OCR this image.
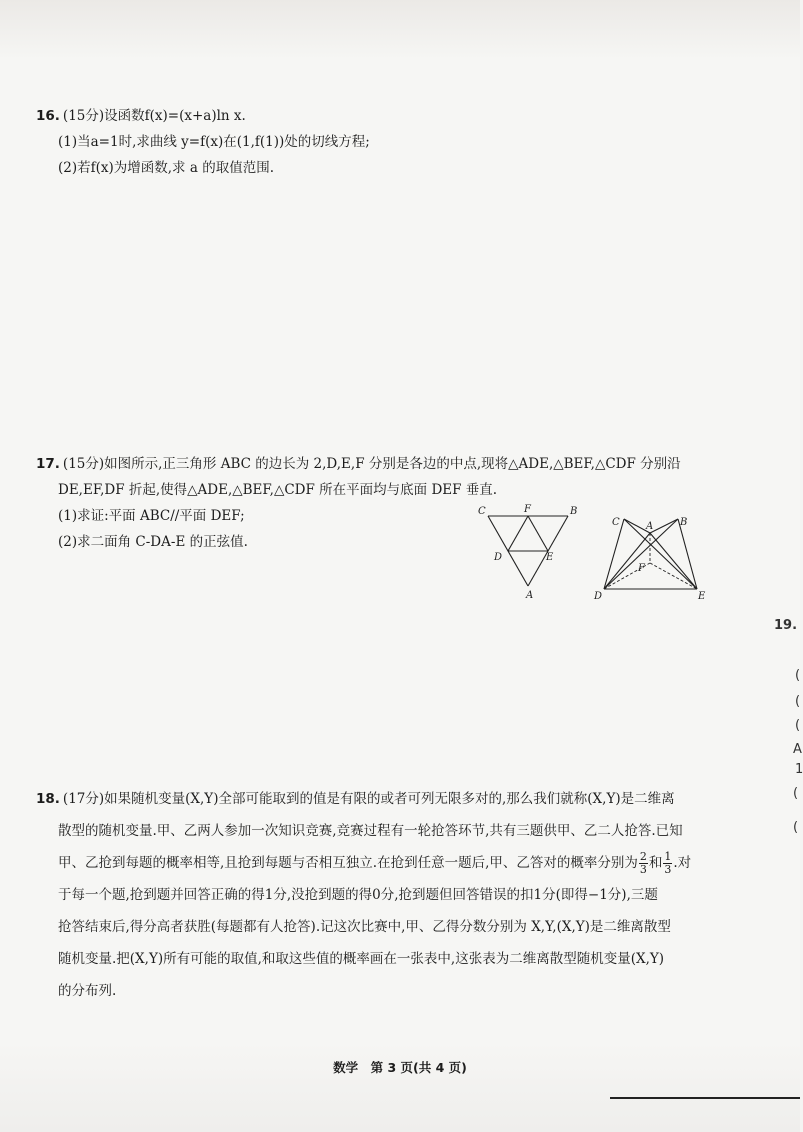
16. (15分)设函数f(x)=(x+a)ln x.
(1)当a=1时,求曲线 y=f(x)在(1,f(1))处的切线方程;
(2)若f(x)为增函数,求 a 的取值范围.
17. (15分)如图所示,正三角形 ABC 的边长为 2,D,E,F 分别是各边的中点,现将△ADE,△BEF,△CDF 分别沿
DE,EF,DF 折起,使得△ADE,△BEF,△CDF 所在平面均与底面 DEF 垂直.
(1)求证:平面 ABC//平面 DEF;
(2)求二面角 C-DA-E 的正弦值.
C	F	B
D	E
A
C	A	B
F
D	E
18. (17分)如果随机变量(X,Y)全部可能取到的值是有限的或者可列无限多对的,那么我们就称(X,Y)是二维离
散型的随机变量.甲、乙两人参加一次知识竞赛,竞赛过程有一轮抢答环节,共有三题供甲、乙二人抢答.已知
甲、乙抢到每题的概率相等,且抢到每题与否相互独立.在抢到任意一题后,甲、乙答对的概率分别为 $\frac{2}{3}$ 和 $\frac{1}{3}$ .对
于每一个题,抢到题并回答正确的得1分,没抢到题的得0分,抢到题但回答错误的扣1分(即得−1分),三题
抢答结束后,得分高者获胜(每题都有人抢答).记这次比赛中,甲、乙得分数分别为 X,Y,(X,Y)是二维离散型
随机变量.把(X,Y)所有可能的取值,和取这些值的概率画在一张表中,这张表为二维离散型随机变量(X,Y)
的分布列.
19.
(
(
(
A
1
(
(
数学　第 3 页(共 4 页)
